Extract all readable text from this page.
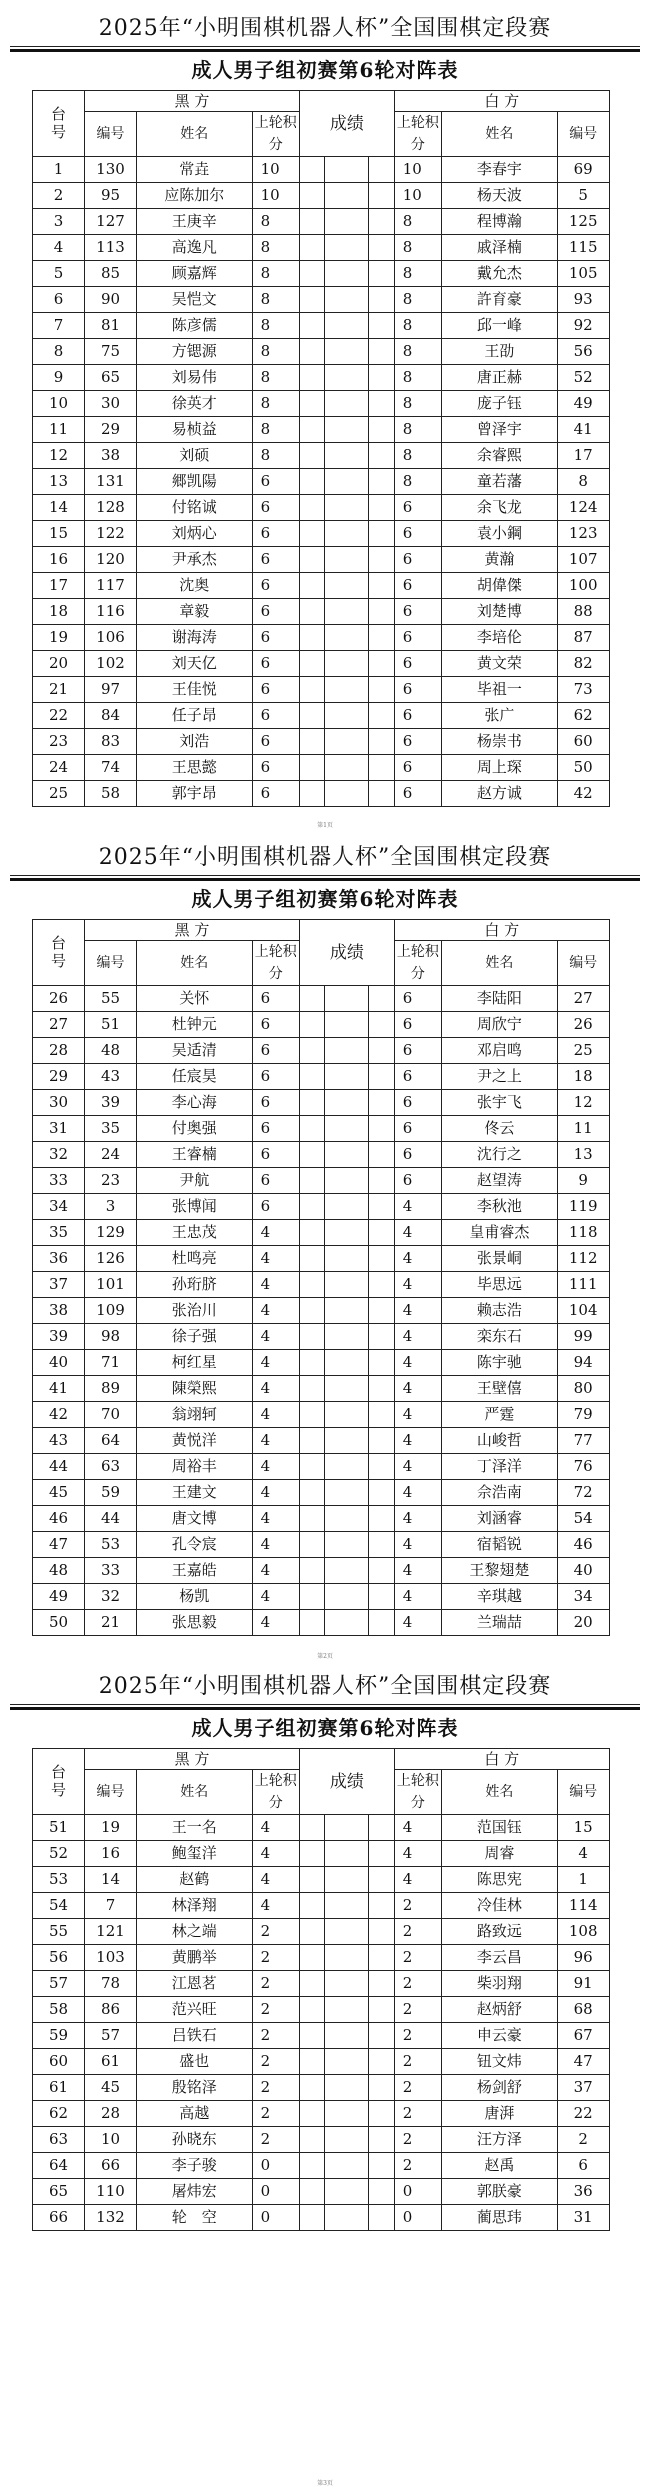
2025年“小明围棋机器人杯”全国围棋定段赛
成人男子组初赛第6轮对阵表
台号	黑 方			成绩			白 方		
	编号	姓名	上轮积分				上轮积分	姓名	编号
1	130	常垚	10				10	李春宇	69
2	95	应陈加尔	10				10	杨天波	5
3	127	王庚辛	8				8	程博瀚	125
4	113	高逸凡	8				8	戚泽楠	115
5	85	顾嘉辉	8				8	戴允杰	105
6	90	吴恺文	8				8	許育豪	93
7	81	陈彦儒	8				8	邱一峰	92
8	75	方锶源	8				8	王劭	56
9	65	刘易伟	8				8	唐正赫	52
10	30	徐英才	8				8	庞子钰	49
11	29	易桢益	8				8	曾泽宇	41
12	38	刘硕	8				8	余睿熙	17
13	131	郷凯陽	6				8	童若藩	8
14	128	付铭诚	6				6	余飞龙	124
15	122	刘炳心	6				6	袁小鋼	123
16	120	尹承杰	6				6	黄瀚	107
17	117	沈奥	6				6	胡偉傑	100
18	116	章毅	6				6	刘楚博	88
19	106	谢海涛	6				6	李培伦	87
20	102	刘天亿	6				6	黄文荣	82
21	97	王佳悦	6				6	毕祖一	73
22	84	任子昂	6				6	张广	62
23	83	刘浩	6				6	杨崇书	60
24	74	王思懿	6				6	周上琛	50
25	58	郭宇昂	6				6	赵方诚	42
第1页
2025年“小明围棋机器人杯”全国围棋定段赛
成人男子组初赛第6轮对阵表
台号	黑 方			成绩			白 方		
	编号	姓名	上轮积分				上轮积分	姓名	编号
26	55	关怀	6				6	李陆阳	27
27	51	杜钟元	6				6	周欣宁	26
28	48	吴适清	6				6	邓启鸣	25
29	43	任宸昊	6				6	尹之上	18
30	39	李心海	6				6	张宇飞	12
31	35	付奥强	6				6	佟云	11
32	24	王睿楠	6				6	沈行之	13
33	23	尹航	6				6	赵望涛	9
34	3	张博闻	6				4	李秋池	119
35	129	王忠茂	4				4	皇甫睿杰	118
36	126	杜鸣亮	4				4	张景峒	112
37	101	孙珩脐	4				4	毕思远	111
38	109	张治川	4				4	赖志浩	104
39	98	徐子强	4				4	栾东石	99
40	71	柯红星	4				4	陈宇驰	94
41	89	陳榮熙	4				4	王壁僖	80
42	70	翁翊轲	4				4	严霆	79
43	64	黄悦洋	4				4	山峻哲	77
44	63	周裕丰	4				4	丁泽洋	76
45	59	王建文	4				4	佘浩南	72
46	44	唐文博	4				4	刘涵睿	54
47	53	孔令宸	4				4	宿韬锐	46
48	33	王嘉皓	4				4	王黎翅楚	40
49	32	杨凯	4				4	辛琪越	34
50	21	张思毅	4				4	兰瑞喆	20
第2页
2025年“小明围棋机器人杯”全国围棋定段赛
成人男子组初赛第6轮对阵表
台号	黑 方			成绩			白 方		
	编号	姓名	上轮积分				上轮积分	姓名	编号
51	19	王一名	4				4	范国钰	15
52	16	鲍玺洋	4				4	周睿	4
53	14	赵鹤	4				4	陈思宪	1
54	7	林泽翔	4				2	冷佳林	114
55	121	林之端	2				2	路致远	108
56	103	黄鹏举	2				2	李云昌	96
57	78	江恩茗	2				2	柴羽翔	91
58	86	范兴旺	2				2	赵炳舒	68
59	57	吕铁石	2				2	申云豪	67
60	61	盛也	2				2	钮文炜	47
61	45	殷铭泽	2				2	杨剑舒	37
62	28	高越	2				2	唐湃	22
63	10	孙晓东	2				2	汪方泽	2
64	66	李子骏	0				2	赵禹	6
65	110	屠炜宏	0				0	郭朕豪	36
66	132	轮　空	0				0	蔺思玮	31
第3页
